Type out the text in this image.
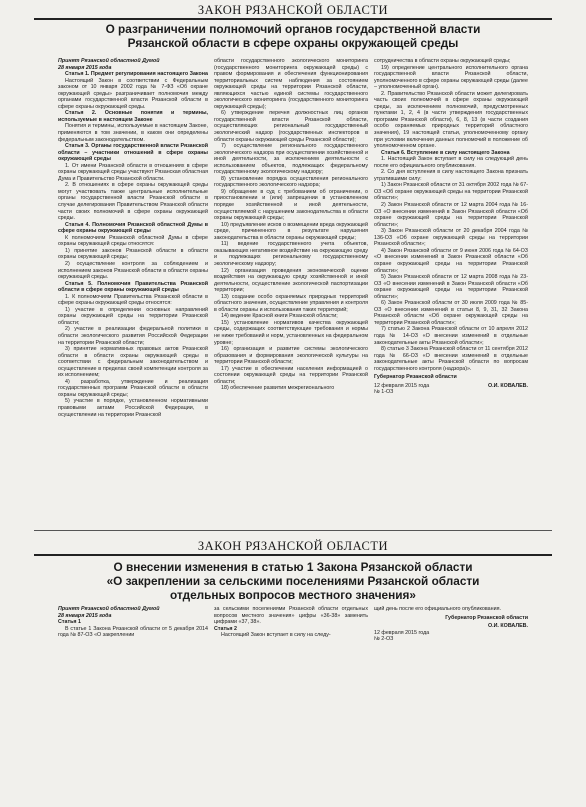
ЗАКОН РЯЗАНСКОЙ ОБЛАСТИ
О разграничении полномочий органов государственной власти
Рязанской области в сфере охраны окружающей среды

Принят Рязанской областной Думой

28 января 2015 года

Статья 1. Предмет регулирования настоящего Закона

Настоящий Закон в соответствии с Федеральным законом от 10 января 2002 года № 7-ФЗ «Об охране окружающей среды» разграничивает полномочия между органами государственной власти Рязанской области в сфере охраны окружающей среды.

Статья 2. Основные понятия и термины, используемые в настоящем Законе

Понятия и термины, используемые в настоящем Законе, применяются в том значении, в каком они определены федеральным законодательством.

Статья 3. Органы государственной власти Рязанской области – участники отношений в сфере охраны окружающей среды

1. От имени Рязанской области в отношениях в сфере охраны окружающей среды участвуют Рязанская областная Дума и Правительство Рязанской области.

2. В отношениях в сфере охраны окружающей среды могут участвовать также центральные исполнительные органы государственной власти Рязанской области в случае делегирования Правительством Рязанской области части своих полномочий в сфере охраны окружающей среды.

Статья 4. Полномочия Рязанской областной Думы в сфере охраны окружающей среды

К полномочиям Рязанской областной Думы в сфере охраны окружающей среды относятся:

1) принятие законов Рязанской области в области охраны окружающей среды;

2) осуществление контроля за соблюдением и исполнением законов Рязанской области в области охраны окружающей среды.

Статья 5. Полномочия Правительства Рязанской области в сфере охраны окружающей среды

1. К полномочиям Правительства Рязанской области в сфере охраны окружающей среды относятся:

1) участие в определении основных направлений охраны окружающей среды на территории Рязанской области;

2) участие в реализации федеральной политики в области экологического развития Российской Федерации на территории Рязанской области;

3) принятие нормативных правовых актов Рязанской области в области охраны окружающей среды в соответствии с федеральным законодательством и осуществление в пределах своей компетенции контроля за их исполнением;

4) разработка, утверждение и реализация государственных программ Рязанской области в области охраны окружающей среды;

5) участие в порядке, установленном нормативными правовыми актами Российской Федерации, в осуществлении на территории Рязанской

области государственного экологического мониторинга (государственного мониторинга окружающей среды) с правом формирования и обеспечения функционирования территориальных систем наблюдения за состоянием окружающей среды на территории Рязанской области, являющихся частью единой системы государственного экологического мониторинга (государственного мониторинга окружающей среды);

6) утверждение перечня должностных лиц органов государственной власти Рязанской области, осуществляющих региональный государственный экологический надзор (государственных инспекторов в области охраны окружающей среды Рязанской области);

7) осуществление регионального государственного экологического надзора при осуществлении хозяйственной и иной деятельности, за исключением деятельности с использованием объектов, подлежащих федеральному государственному экологическому надзору;

8) установление порядка осуществления регионального государственного экологического надзора;

9) обращение в суд с требованием об ограничении, о приостановлении и (или) запрещении в установленном порядке хозяйственной и иной деятельности, осуществляемой с нарушением законодательства в области охраны окружающей среды;

10) предъявление исков о возмещении вреда окружающей среде, причиненного в результате нарушения законодательства в области охраны окружающей среды;

11) ведение государственного учета объектов, оказывающих негативное воздействие на окружающую среду и подлежащих региональному государственному экологическому надзору;

12) организация проведения экономической оценки воздействия на окружающую среду хозяйственной и иной деятельности, осуществление экологической паспортизации территории;

13) создание особо охраняемых природных территорий областного значения, осуществление управления и контроля в области охраны и использования таких территорий;

14) ведение Красной книги Рязанской области;

15) установление нормативов качества окружающей среды, содержащих соответствующие требования и нормы не ниже требований и норм, установленных на федеральном уровне;

16) организация и развитие системы экологического образования и формирования экологической культуры на территории Рязанской области;

17) участие в обеспечении населения информацией о состоянии окружающей среды на территории Рязанской области;

18) обеспечение развития межрегионального

сотрудничества в области охраны окружающей среды;

19) определение центрального исполнительного органа государственной власти Рязанской области, уполномоченного в сфере охраны окружающей среды (далее – уполномоченный орган).

2. Правительство Рязанской области может делегировать часть своих полномочий в сфере охраны окружающей среды, за исключением полномочий, предусмотренных пунктами 1, 2, 4 (в части утверждения государственных программ Рязанской области), 6, 8, 13 (в части создания особо охраняемых природных территорий областного значения), 19 настоящей статьи, уполномоченному органу при условии включения данных полномочий в положение об уполномоченном органе.

Статья 6. Вступление в силу настоящего Закона

1. Настоящий Закон вступает в силу на следующий день после его официального опубликования.

2. Со дня вступления в силу настоящего Закона признать утратившими силу:

1) Закон Рязанской области от 31 октября 2002 года № 67-ОЗ «Об охране окружающей среды на территории Рязанской области»;

2) Закон Рязанской области от 12 марта 2004 года № 16-ОЗ «О внесении изменений в Закон Рязанской области «Об охране окружающей среды на территории Рязанской области»;

3) Закон Рязанской области от 20 декабря 2004 года № 136-ОЗ «Об охране окружающей среды на территории Рязанской области»;

4) Закон Рязанской области от 9 июня 2006 года № 64-ОЗ «О внесении изменений в Закон Рязанской области «Об охране окружающей среды на территории Рязанской области»;

5) Закон Рязанской области от 12 марта 2008 года № 23-ОЗ «О внесении изменений в Закон Рязанской области «Об охране окружающей среды на территории Рязанской области»;

6) Закон Рязанской области от 30 июля 2009 года № 85-ОЗ «О внесении изменений в статьи 8, 9, 31, 32 Закона Рязанской области «Об охране окружающей среды на территории Рязанской области»;

7) статью 2 Закона Рязанской области от 10 апреля 2012 года № 14-ОЗ «О внесении изменений в отдельные законодательные акты Рязанской области»;

8) статью 3 Закона Рязанской области от 11 сентября 2012 года № 66-ОЗ «О внесении изменений в отдельные законодательные акты Рязанской области по вопросам государственного контроля (надзора)».

Губернатор Рязанской области
12 февраля 2015 года	О.И. КОВАЛЕВ.

№ 1-ОЗ

ЗАКОН РЯЗАНСКОЙ ОБЛАСТИ
О внесении изменения в статью 1 Закона Рязанской области
«О закреплении за сельскими поселениями Рязанской области
отдельных вопросов местного значения»

Принят Рязанской областной Думой

28 января 2015 года

Статья 1

В статье 1 Закона Рязанской области от 5 декабря 2014 года № 87-ОЗ «О закреплении

за сельскими поселениями Рязанской области отдельных вопросов местного значения» цифры «36-38» заменить цифрами «37, 38».

Статья 2

Настоящий Закон вступает в силу на следу-

щий день после его официального опубликования.

Губернатор Рязанской области
О.И. КОВАЛЕВ.

12 февраля 2015 года

№ 2-ОЗ
